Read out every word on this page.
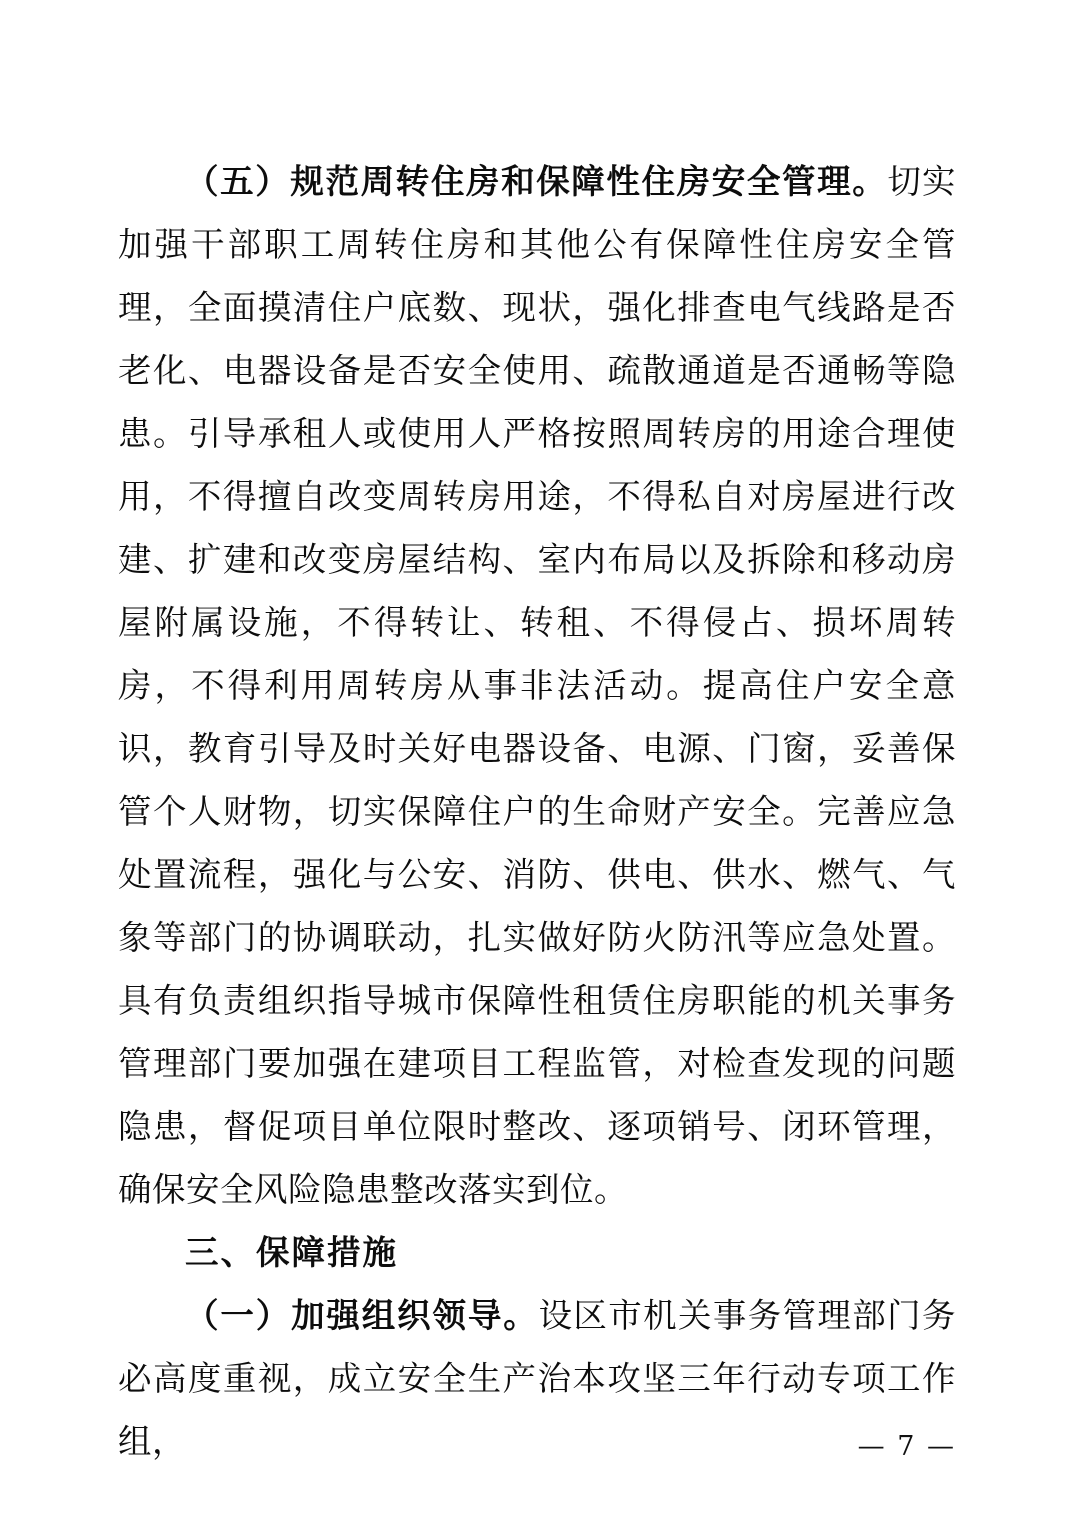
（五）规范周转住房和保障性住房安全管理。切实加强干部职工周转住房和其他公有保障性住房安全管理，全面摸清住户底数、现状，强化排查电气线路是否老化、电器设备是否安全使用、疏散通道是否通畅等隐患。引导承租人或使用人严格按照周转房的用途合理使用，不得擅自改变周转房用途，不得私自对房屋进行改建、扩建和改变房屋结构、室内布局以及拆除和移动房屋附属设施，不得转让、转租、不得侵占、损坏周转房，不得利用周转房从事非法活动。提高住户安全意识，教育引导及时关好电器设备、电源、门窗，妥善保管个人财物，切实保障住户的生命财产安全。完善应急处置流程，强化与公安、消防、供电、供水、燃气、气象等部门的协调联动，扎实做好防火防汛等应急处置。具有负责组织指导城市保障性租赁住房职能的机关事务管理部门要加强在建项目工程监管，对检查发现的问题隐患，督促项目单位限时整改、逐项销号、闭环管理，确保安全风险隐患整改落实到位。

三、保障措施

（一）加强组织领导。设区市机关事务管理部门务必高度重视，成立安全生产治本攻坚三年行动专项工作组，	— 7 —
